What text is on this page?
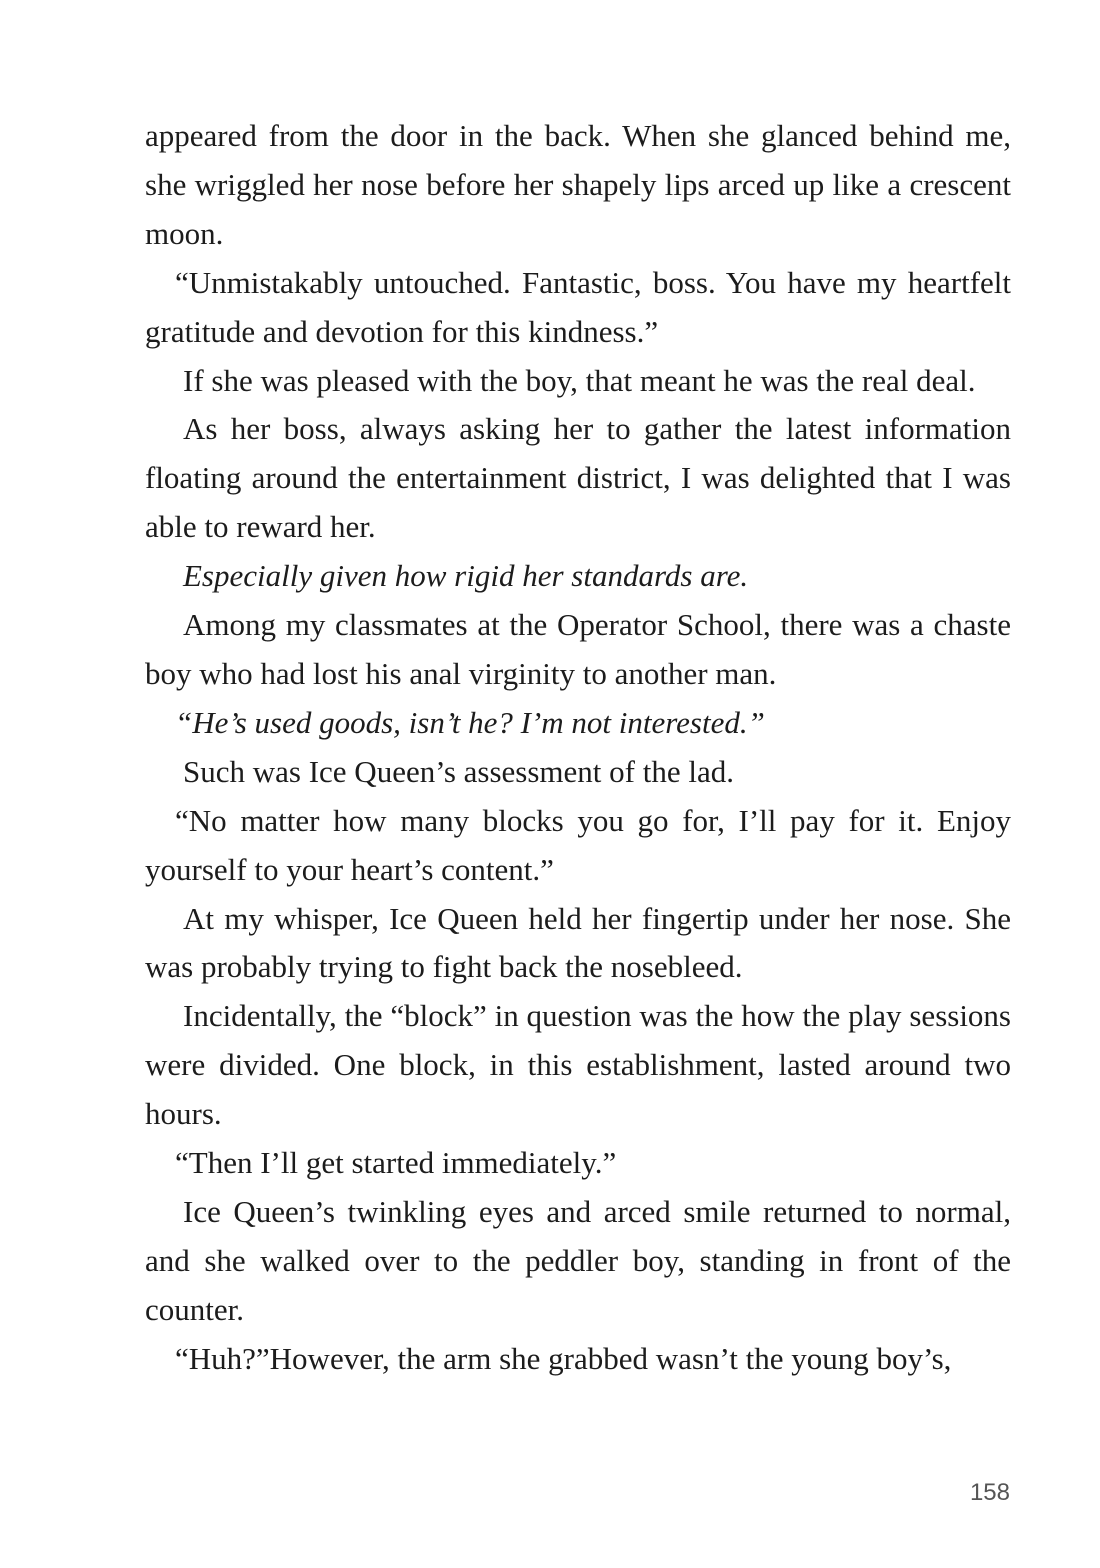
appeared from the door in the back. When she glanced behind me, she wriggled her nose before her shapely lips arced up like a crescent moon.

“Unmistakably untouched. Fantastic, boss. You have my heartfelt gratitude and devotion for this kindness.”

If she was pleased with the boy, that meant he was the real deal.

As her boss, always asking her to gather the latest information floating around the entertainment district, I was delighted that I was able to reward her.

Especially given how rigid her standards are.

Among my classmates at the Operator School, there was a chaste boy who had lost his anal virginity to another man.

“He’s used goods, isn’t he? I’m not interested.”

Such was Ice Queen’s assessment of the lad.

“No matter how many blocks you go for, I’ll pay for it. Enjoy yourself to your heart’s content.”

At my whisper, Ice Queen held her fingertip under her nose. She was probably trying to fight back the nosebleed.

Incidentally, the “block” in question was the how the play sessions were divided. One block, in this establishment, lasted around two hours.

“Then I’ll get started immediately.”

Ice Queen’s twinkling eyes and arced smile returned to normal, and she walked over to the peddler boy, standing in front of the counter.

“Huh?”However, the arm she grabbed wasn’t the young boy’s,

158
